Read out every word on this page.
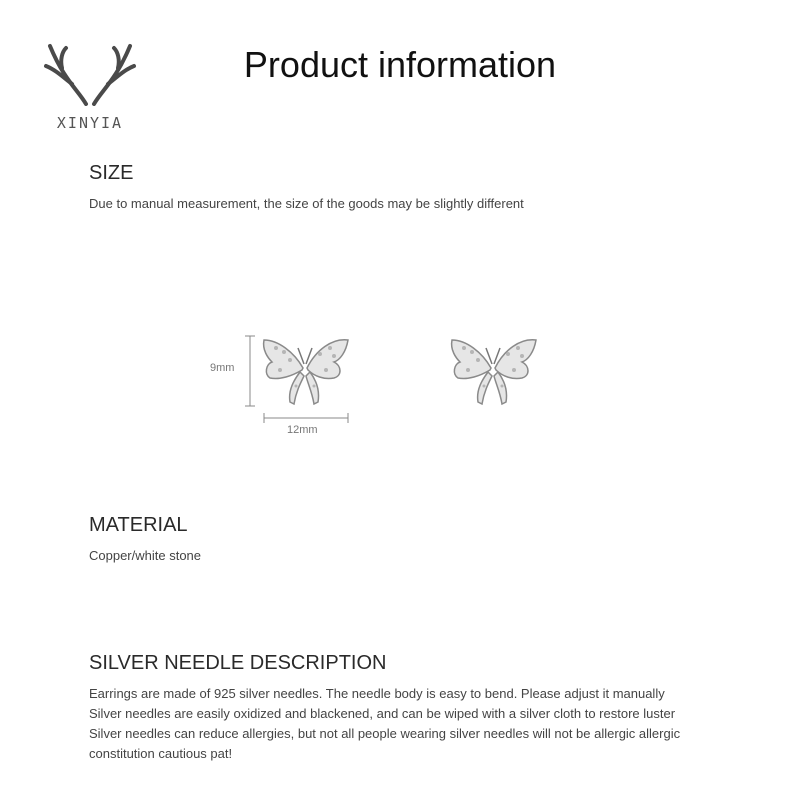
XINYIA
Product information
SIZE
Due to manual measurement, the size of the goods may be slightly different
9mm
12mm
MATERIAL
Copper/white stone
SILVER NEEDLE DESCRIPTION
Earrings are made of 925 silver needles. The needle body is easy to bend. Please adjust it manually
Silver needles are easily oxidized and blackened, and can be wiped with a silver cloth to restore luster
Silver needles can reduce allergies, but not all people wearing silver needles will not be allergic allergic
constitution cautious pat!
